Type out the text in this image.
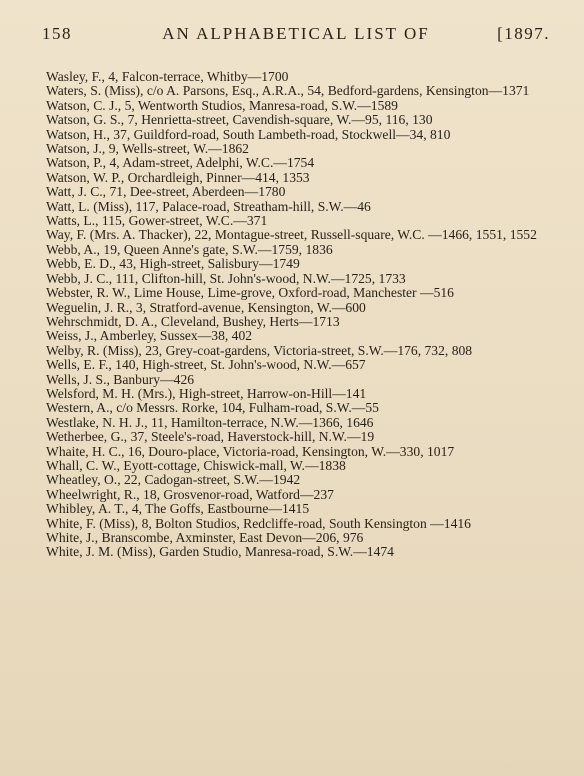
158	AN ALPHABETICAL LIST OF	[1897.

Wasley, F., 4, Falcon-terrace, Whitby—1700

Waters, S. (Miss), c/o A. Parsons, Esq., A.R.A., 54, Bedford-gardens, Kensington—1371

Watson, C. J., 5, Wentworth Studios, Manresa-road, S.W.—1589

Watson, G. S., 7, Henrietta-street, Cavendish-square, W.—95, 116, 130

Watson, H., 37, Guildford-road, South Lambeth-road, Stockwell—34, 810

Watson, J., 9, Wells-street, W.—1862

Watson, P., 4, Adam-street, Adelphi, W.C.—1754

Watson, W. P., Orchardleigh, Pinner—414, 1353

Watt, J. C., 71, Dee-street, Aberdeen—1780

Watt, L. (Miss), 117, Palace-road, Streatham-hill, S.W.—46

Watts, L., 115, Gower-street, W.C.—371

Way, F. (Mrs. A. Thacker), 22, Montague-street, Russell-square, W.C. —1466, 1551, 1552

Webb, A., 19, Queen Anne's gate, S.W.—1759, 1836

Webb, E. D., 43, High-street, Salisbury—1749

Webb, J. C., 111, Clifton-hill, St. John's-wood, N.W.—1725, 1733

Webster, R. W., Lime House, Lime-grove, Oxford-road, Manchester —516

Weguelin, J. R., 3, Stratford-avenue, Kensington, W.—600

Wehrschmidt, D. A., Cleveland, Bushey, Herts—1713

Weiss, J., Amberley, Sussex—38, 402

Welby, R. (Miss), 23, Grey-coat-gardens, Victoria-street, S.W.—176, 732, 808

Wells, E. F., 140, High-street, St. John's-wood, N.W.—657

Wells, J. S., Banbury—426

Welsford, M. H. (Mrs.), High-street, Harrow-on-Hill—141

Western, A., c/o Messrs. Rorke, 104, Fulham-road, S.W.—55

Westlake, N. H. J., 11, Hamilton-terrace, N.W.—1366, 1646

Wetherbee, G., 37, Steele's-road, Haverstock-hill, N.W.—19

Whaite, H. C., 16, Douro-place, Victoria-road, Kensington, W.—330, 1017

Whall, C. W., Eyott-cottage, Chiswick-mall, W.—1838

Wheatley, O., 22, Cadogan-street, S.W.—1942

Wheelwright, R., 18, Grosvenor-road, Watford—237

Whibley, A. T., 4, The Goffs, Eastbourne—1415

White, F. (Miss), 8, Bolton Studios, Redcliffe-road, South Kensington —1416

White, J., Branscombe, Axminster, East Devon—206, 976

White, J. M. (Miss), Garden Studio, Manresa-road, S.W.—1474
